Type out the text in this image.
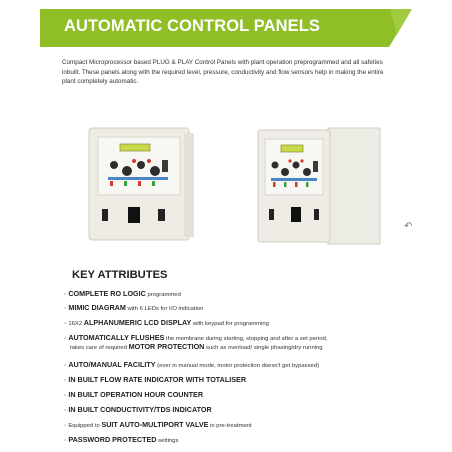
AUTOMATIC CONTROL PANELS
Compact Microprocessor based PLUG & PLAY Control Panels with plant operation preprogrammed and all safeties
inbuilt. These panels along with the required level, pressure, conductivity and flow sensors help in making the entire
plant completely automatic.
↶
KEY ATTRIBUTES
- COMPLETE RO LOGIC programmed
- MIMIC DIAGRAM with 6 LEDs for I/O indication
- 16X2 ALPHANUMERIC LCD DISPLAY with keypad for programming
- AUTOMATICALLY FLUSHES the membrane during starting, stopping and after a set period,
takes care of required MOTOR PROTECTION such as overload/ single phasing/dry running
- AUTO/MANUAL FACILITY (ever in manual mode, motor protection doesn't get bypassed)
- IN BUILT FLOW RATE INDICATOR WITH TOTALISER
- IN BUILT OPERATION HOUR COUNTER
- IN BUILT CONDUCTIVITY/TDS INDICATOR
- Equipped to SUIT AUTO-MULTIPORT VALVE in pre-treatment
- PASSWORD PROTECTED settings
